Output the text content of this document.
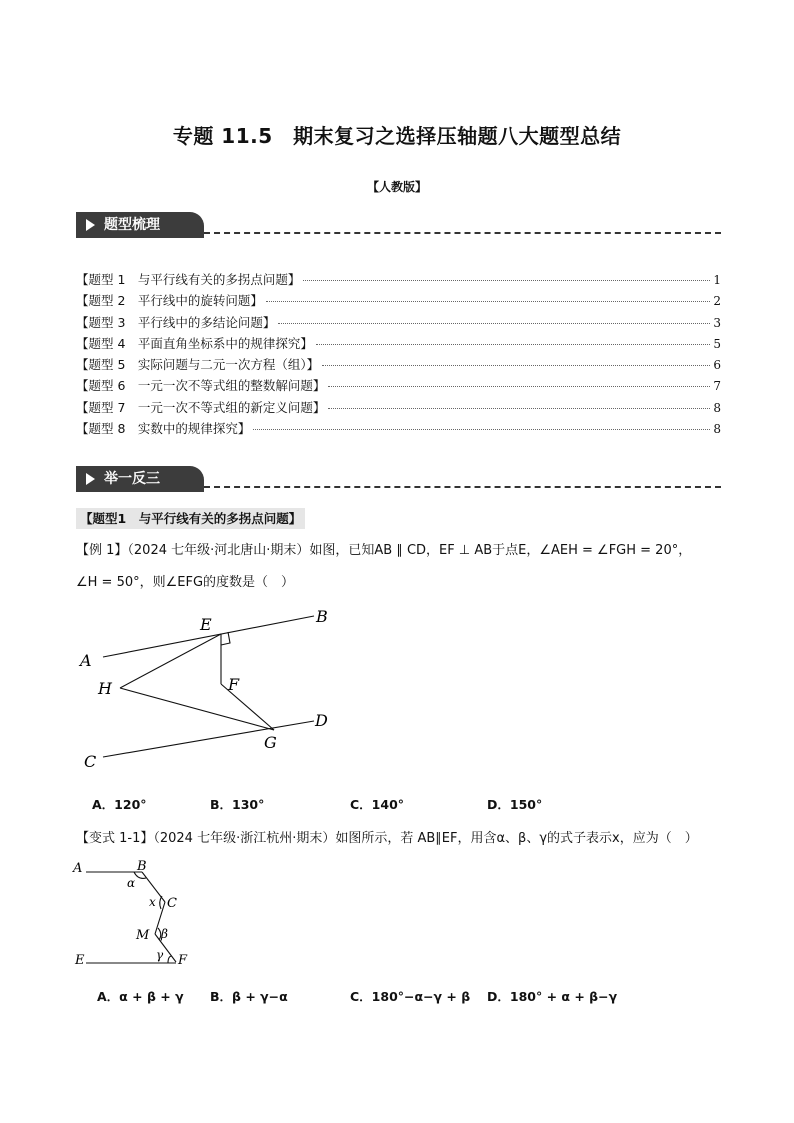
专题 11.5　期末复习之选择压轴题八大题型总结
【人教版】
题型梳理
【题型 1　与平行线有关的多拐点问题】	1
【题型 2　平行线中的旋转问题】	2
【题型 3　平行线中的多结论问题】	3
【题型 4　平面直角坐标系中的规律探究】	5
【题型 5　实际问题与二元一次方程（组）】	6
【题型 6　一元一次不等式组的整数解问题】	7
【题型 7　一元一次不等式组的新定义问题】	8
【题型 8　实数中的规律探究】	8
举一反三
【题型1　与平行线有关的多拐点问题】
【例 1】（2024 七年级·河北唐山·期末）如图，已知AB ∥ CD，EF ⊥ AB于点E，∠AEH = ∠FGH = 20°，
∠H = 50°，则∠EFG的度数是（　）
A
B
C
D
E
F
G
H
A．120°	B．130°	C．140°	D．150°
【变式 1-1】（2024 七年级·浙江杭州·期末）如图所示，若 AB∥EF，用含α、β、γ的式子表示x，应为（　）
A	B
C
M
E	F
α
x
β
γ
A．α + β + γ B．β + γ−α	C．180°−α−γ + β D．180° + α + β−γ
